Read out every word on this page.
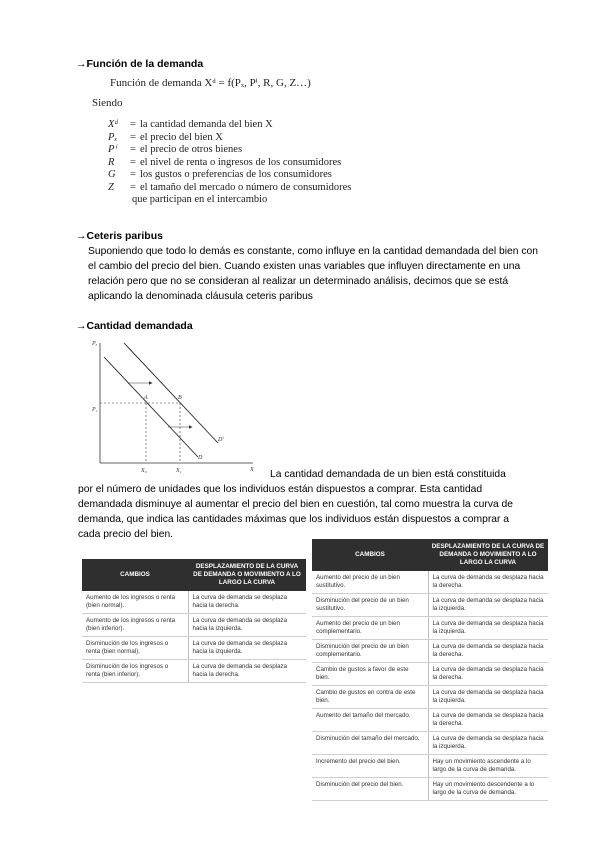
→Función de la demanda
Función de demanda Xᵈ = f(Pₓ, Pⁱ, R, G, Z…)
Siendo
Xᵈ	= la cantidad demanda del bien X
Pₓ	= el precio del bien X
Pⁱ	= el precio de otros bienes
R	= el nivel de renta o ingresos de los consumidores
G	= los gustos o preferencias de los consumidores
Z	= el tamaño del mercado o número de consumidores
que participan en el intercambio
→Ceteris paribus
Suponiendo que todo lo demás es constante, como influye en la cantidad demandada del bien con el cambio del precio del bien. Cuando existen unas variables que influyen directamente en una relación pero que no se consideran al realizar un determinado análisis, decimos que se está aplicando la denominada cláusula ceteris paribus
→Cantidad demandada
Pₓ
X
P₁
A	B
D
D'
X₀	X₁	La cantidad demandada de un bien está constituida
por el número de unidades que los individuos están dispuestos a comprar. Esta cantidad demandada disminuye al aumentar el precio del bien en cuestión, tal como muestra la curva de demanda, que indica las cantidades máximas que los individuos están dispuestos a comprar a cada precio del bien.
CAMBIOS	DESPLAZAMIENTO DE LA CURVA DE DEMANDA O MOVIMIENTO A LO LARGO LA CURVA
Aumento de los ingresos o renta (bien normal).	La curva de demanda se desplaza hacia la derecha.
Aumento de los ingresos o renta (bien inferior).	La curva de demanda se desplaza hacia la izquierda.
Disminución de los ingresos o renta (bien normal).	La curva de demanda se desplaza hacia la izquierda.
Disminución de los ingresos o renta (bien inferior).	La curva de demanda se desplaza hacia la derecha.
CAMBIOS	DESPLAZAMIENTO DE LA CURVA DE DEMANDA O MOVIMIENTO A LO LARGO LA CURVA
Aumento del precio de un bien sustitutivo.	La curva de demanda se desplaza hacia la derecha.
Disminución del precio de un bien sustitutivo.	La curva de demanda se desplaza hacia la izquierda.
Aumento del precio de un bien complementario.	La curva de demanda se desplaza hacia la izquierda.
Disminución del precio de un bien complementario.	La curva de demanda se desplaza hacia la derecha.
Cambio de gustos a favor de este bien.	La curva de demanda se desplaza hacia la derecha.
Cambio de gustos en contra de este bien.	La curva de demanda se desplaza hacia la izquierda.
Aumento del tamaño del mercado.	La curva de demanda se desplaza hacia la derecha.
Disminución del tamaño del mercado.	La curva de demanda se desplaza hacia la izquierda.
Incremento del precio del bien.	Hay un movimiento ascendente a lo largo de la curva de demanda.
Disminución del precio del bien.	Hay un movimiento descendente a lo largo de la curva de demanda.
